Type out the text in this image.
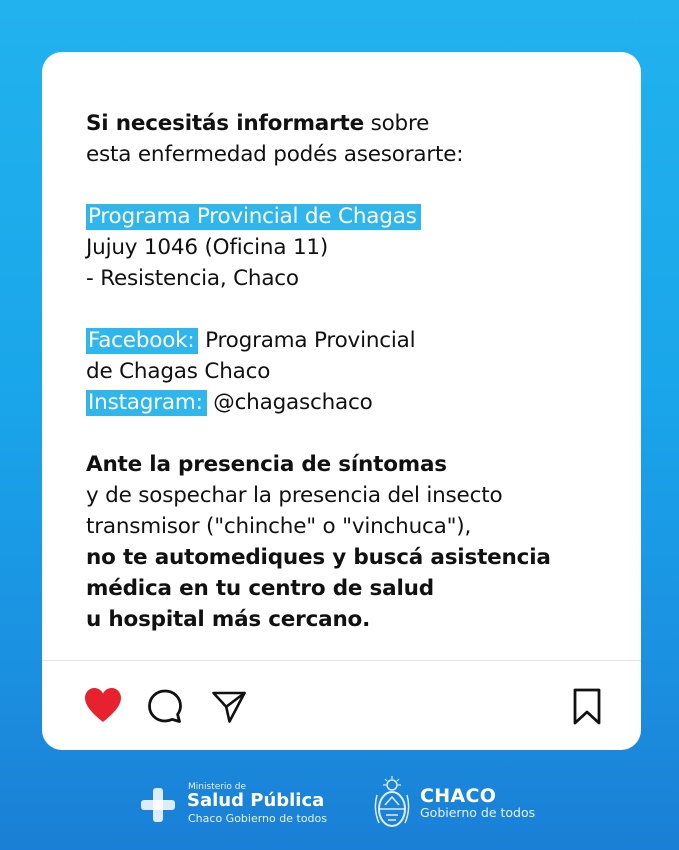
Si necesitás informarte sobre

esta enfermedad podés asesorarte:

Programa Provincial de Chagas

Jujuy 1046 (Oficina 11)

- Resistencia, Chaco

Facebook: Programa Provincial

de Chagas Chaco

Instagram: @chagaschaco

Ante la presencia de síntomas

y de sospechar la presencia del insecto

transmisor ("chinche" o "vinchuca"),

no te automediques y buscá asistencia

médica en tu centro de salud

u hospital más cercano.

Ministerio de
Salud Pública
Chaco Gobierno de todos
CHACO
Gobierno de todos
